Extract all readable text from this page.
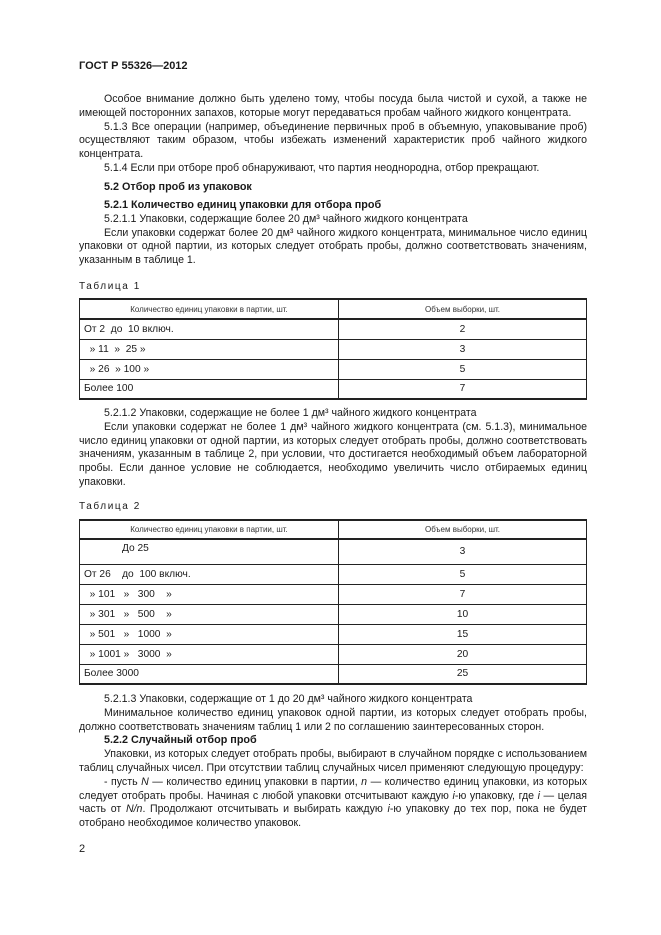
ГОСТ Р 55326—2012

Особое внимание должно быть уделено тому, чтобы посуда была чистой и сухой, а также не имеющей посторонних запахов, которые могут передаваться пробам чайного жидкого концентрата.

5.1.3 Все операции (например, объединение первичных проб в объемную, упаковывание проб) осуществляют таким образом, чтобы избежать изменений характеристик проб чайного жидкого концентрата.

5.1.4 Если при отборе проб обнаруживают, что партия неоднородна, отбор прекращают.

5.2 Отбор проб из упаковок

5.2.1 Количество единиц упаковки для отбора проб

5.2.1.1 Упаковки, содержащие более 20 дм³ чайного жидкого концентрата

Если упаковки содержат более 20 дм³ чайного жидкого концентрата, минимальное число единиц упаковки от одной партии, из которых следует отобрать пробы, должно соответствовать значениям, указанным в таблице 1.

Таблица 1
Количество единиц упаковки в партии, шт.	Объем выборки, шт.
От 2  до  10 включ.	2
» 11  »  25 »	3
» 26  » 100 »	5
Более 100	7

5.2.1.2 Упаковки, содержащие не более 1 дм³ чайного жидкого концентрата

Если упаковки содержат не более 1 дм³ чайного жидкого концентрата (см. 5.1.3), минимальное число единиц упаковки от одной партии, из которых следует отобрать пробы, должно соответствовать значениям, указанным в таблице 2, при условии, что достигается необходимый объем лабораторной пробы. Если данное условие не соблюдается, необходимо увеличить число отбираемых единиц упаковки.

Таблица 2
Количество единиц упаковки в партии, шт.	Объем выборки, шт.
До 25	3
От 26    до  100 включ.	5
» 101   »   300    »	7
» 301   »   500    »	10
» 501   »   1000  »	15
» 1001 »   3000  »	20
Более 3000	25

5.2.1.3 Упаковки, содержащие от 1 до 20 дм³ чайного жидкого концентрата

Минимальное количество единиц упаковок одной партии, из которых следует отобрать пробы, должно соответствовать значениям таблиц 1 или 2 по соглашению заинтересованных сторон.

5.2.2 Случайный отбор проб

Упаковки, из которых следует отобрать пробы, выбирают в случайном порядке с использованием таблиц случайных чисел. При отсутствии таблиц случайных чисел применяют следующую процедуру:

- пусть N — количество единиц упаковки в партии, n — количество единиц упаковки, из которых следует отобрать пробы. Начиная с любой упаковки отсчитывают каждую i-ю упаковку, где i — целая часть от N/n. Продолжают отсчитывать и выбирать каждую i-ю упаковку до тех пор, пока не будет отобрано необходимое количество упаковок.

2
